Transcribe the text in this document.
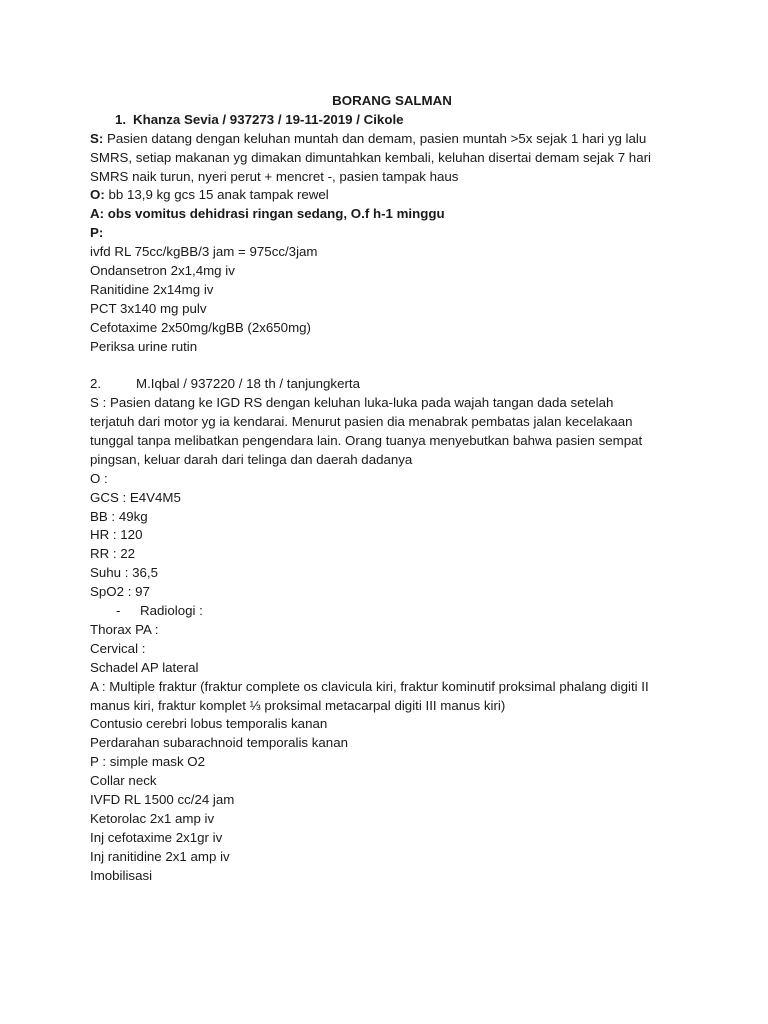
BORANG SALMAN
1. Khanza Sevia / 937273 / 19-11-2019 / Cikole
S: Pasien datang dengan keluhan muntah dan demam, pasien muntah >5x sejak 1 hari yg lalu
SMRS, setiap makanan yg dimakan dimuntahkan kembali, keluhan disertai demam sejak 7 hari
SMRS naik turun, nyeri perut + mencret -, pasien tampak haus
O: bb 13,9 kg gcs 15 anak tampak rewel
A: obs vomitus dehidrasi ringan sedang, O.f h-1 minggu
P:
ivfd RL 75cc/kgBB/3 jam = 975cc/3jam
Ondansetron 2x1,4mg iv
Ranitidine 2x14mg iv
PCT 3x140 mg pulv
Cefotaxime 2x50mg/kgBB (2x650mg)
Periksa urine rutin
2.	M.Iqbal / 937220 / 18 th / tanjungkerta
S : Pasien datang ke IGD RS dengan keluhan luka-luka pada wajah tangan dada setelah
terjatuh dari motor yg ia kendarai. Menurut pasien dia menabrak pembatas jalan kecelakaan
tunggal tanpa melibatkan pengendara lain. Orang tuanya menyebutkan bahwa pasien sempat
pingsan, keluar darah dari telinga dan daerah dadanya
O :
GCS : E4V4M5
BB : 49kg
HR : 120
RR : 22
Suhu : 36,5
SpO2 : 97
- Radiologi :
Thorax PA :
Cervical :
Schadel AP lateral
A : Multiple fraktur (fraktur complete os clavicula kiri, fraktur kominutif proksimal phalang digiti II
manus kiri, fraktur komplet ⅓ proksimal metacarpal digiti III manus kiri)
Contusio cerebri lobus temporalis kanan
Perdarahan subarachnoid temporalis kanan
P : simple mask O2
Collar neck
IVFD RL 1500 cc/24 jam
Ketorolac 2x1 amp iv
Inj cefotaxime 2x1gr iv
Inj ranitidine 2x1 amp iv
Imobilisasi
